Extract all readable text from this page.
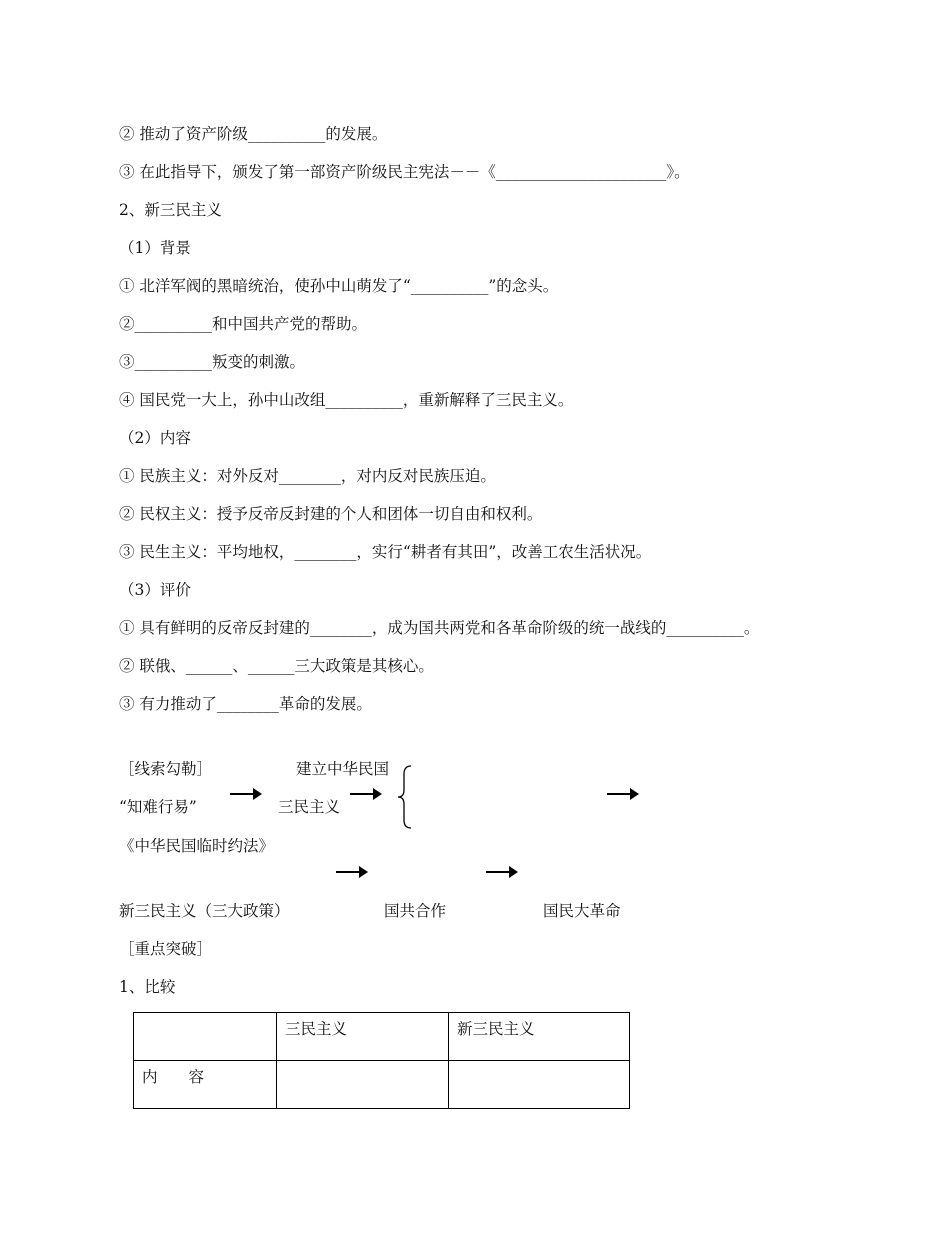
② 推动了资产阶级__________的发展。
③ 在此指导下，颁发了第一部资产阶级民主宪法－－《______________________》。
2、新三民主义
（1）背景
① 北洋军阀的黑暗统治，使孙中山萌发了“__________”的念头。
②__________和中国共产党的帮助。
③__________叛变的刺激。
④ 国民党一大上，孙中山改组__________，重新解释了三民主义。
（2）内容
① 民族主义：对外反对________，对内反对民族压迫。
② 民权主义：授予反帝反封建的个人和团体一切自由和权利。
③ 民生主义：平均地权，________，实行“耕者有其田”，改善工农生活状况。
（3）评价
① 具有鲜明的反帝反封建的________，成为国共两党和各革命阶级的统一战线的__________。
② 联俄、______、______三大政策是其核心。
③ 有力推动了________革命的发展。
［线索勾勒］	建立中华民国
“知难行易”	三民主义
《中华民国临时约法》
新三民主义（三大政策）	国共合作	国民大革命
［重点突破］
1、比较
	三民主义	新三民主义
内　　容		
